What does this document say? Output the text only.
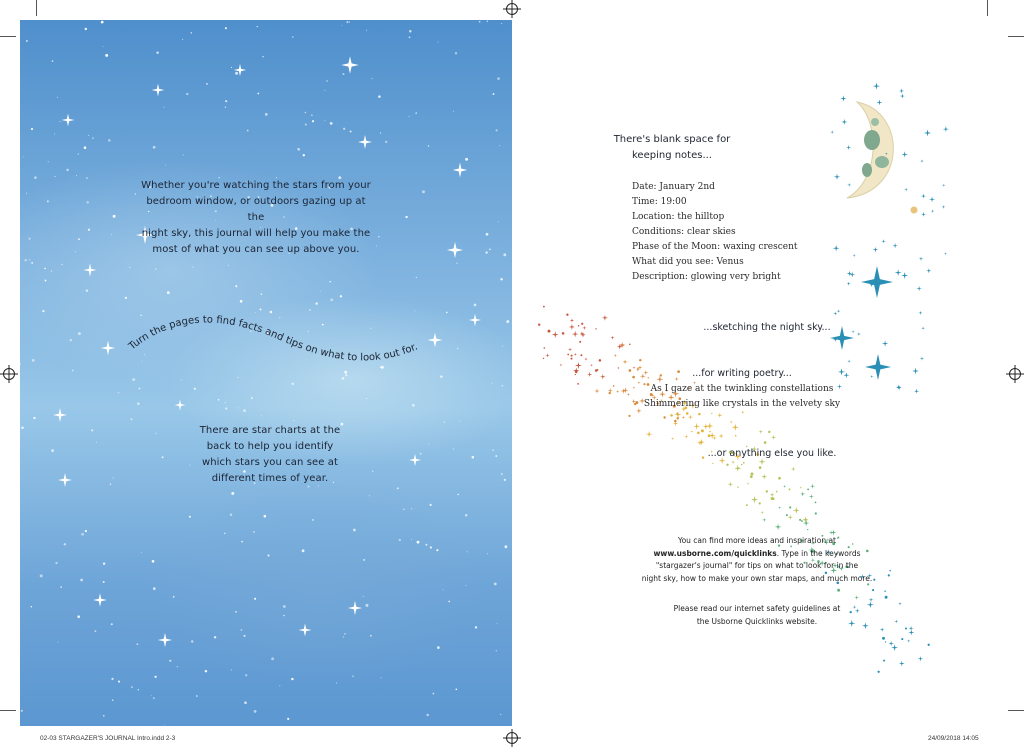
Whether you're watching the stars from your
bedroom window, or outdoors gazing up at the
night sky, this journal will help you make the
most of what you can see up above you.
Turn the pages to find facts and tips on what to look out for.
There are star charts at the
back to help you identify
which stars you can see at
different times of year.
There's blank space for
keeping notes...
Date: January 2nd
Time: 19:00
Location: the hilltop
Conditions: clear skies
Phase of the Moon: waxing crescent
What did you see: Venus
Description: glowing very bright
...sketching the night sky...
...for writing poetry...
As I gaze at the twinkling constellations
Shimmering like crystals in the velvety sky
...or anything else you like.
You can find more ideas and inspiration at
www.usborne.com/quicklinks. Type in the keywords
"stargazer's journal" for tips on what to look for in the
night sky, how to make your own star maps, and much more.
Please read our internet safety guidelines at
the Usborne Quicklinks website.
02-03 STARGAZER'S JOURNAL Intro.indd 2-3	24/09/2018 14:05
